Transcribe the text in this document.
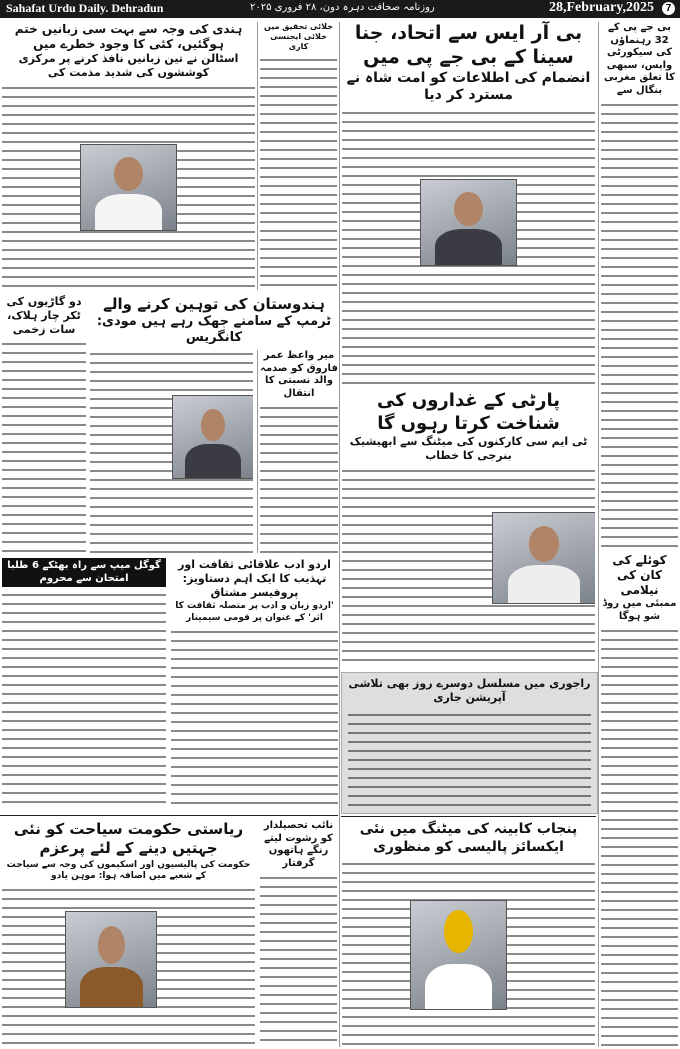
Sahafat Urdu Daily. Dehradun	روزنامہ صحافت دہرہ دون، ۲۸ فروری ۲۰۲۵	28,February,2025	7
بی جے پی کے 32 رہنماؤں کی سیکورٹی واپس، سبھی کا تعلق مغربی بنگال سے
کوئلے کی کان کی نیلامی
ممبئی میں روڈ شو ہوگا
بی آر ایس سے اتحاد، جنا سینا کے بی جے پی میں
انضمام کی اطلاعات کو امت شاہ نے مسترد کر دیا
پارٹی کے غداروں کی شناخت کرتا رہوں گا
ٹی ایم سی کارکنوں کی میٹنگ سے ابھیشیک بنرجی کا خطاب
راجوری میں مسلسل دوسرے روز بھی تلاشی آپریشن جاری
پنجاب کابینہ کی میٹنگ میں نئی ایکسائز پالیسی کو منظوری
ہندی کی وجہ سے بہت سی زبانیں ختم ہوگئیں، کئی کا وجود خطرے میں
اسٹالن نے تین زبانیں نافذ کرنے پر مرکزی کوششوں کی شدید مذمت کی
خلائی تحقیق میں خلائی ایجنسی کاری
ہندوستان کی توہین کرنے والے
ٹرمپ کے سامنے جھک رہے ہیں مودی: کانگریس
میر واعظ عمر فاروق کو صدمہ والد نسبتی کا انتقال
دو گاڑیوں کی ٹکر چار ہلاک، سات زخمی
گوگل میپ سے راہ بھٹکے 6 طلبا امتحان سے محروم
اردو ادب علاقائی ثقافت اور تہذیب کا ایک اہم دستاویز: پروفیسر مشتاق
'اردو زبان و ادب پر متصلہ ثقافت کا اثر' کے عنوان پر قومی سیمینار
ریاستی حکومت سیاحت کو نئی جہتیں دینے کے لئے پرعزم
حکومت کی پالیسیوں اور اسکیموں کی وجہ سے سیاحت کے شعبے میں اضافہ ہوا: موہن یادو
نائب تحصیلدار کو رشوت لیتے رنگے ہاتھوں گرفتار
